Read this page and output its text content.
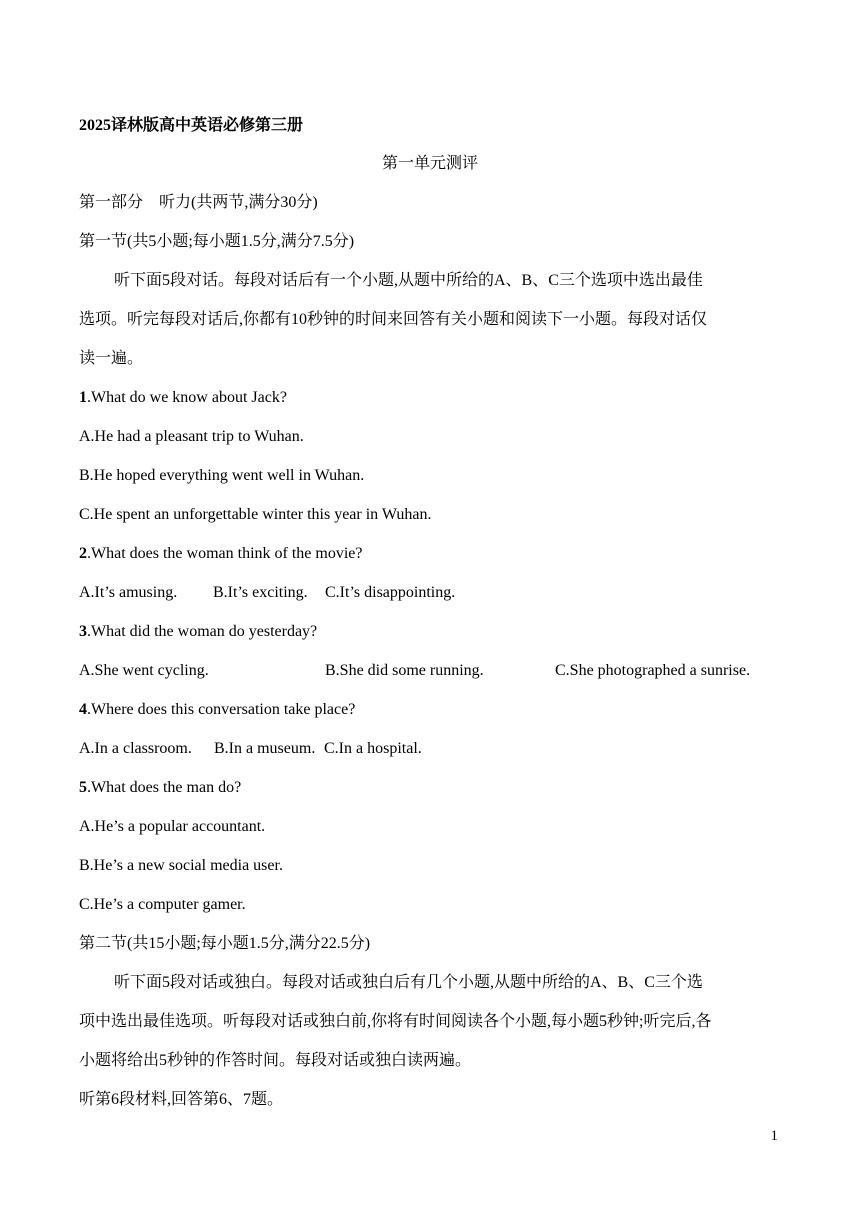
2025译林版高中英语必修第三册
第一单元测评
第一部分　听力(共两节,满分30分)
第一节(共5小题;每小题1.5分,满分7.5分)
听下面5段对话。每段对话后有一个小题,从题中所给的A、B、C三个选项中选出最佳
选项。听完每段对话后,你都有10秒钟的时间来回答有关小题和阅读下一小题。每段对话仅
读一遍。
1.What do we know about Jack?
A.He had a pleasant trip to Wuhan.
B.He hoped everything went well in Wuhan.
C.He spent an unforgettable winter this year in Wuhan.
2.What does the woman think of the movie?
A.It’s amusing. B.It’s exciting. C.It’s disappointing.
3.What did the woman do yesterday?
A.She went cycling.	B.She did some running.	C.She photographed a sunrise.
4.Where does this conversation take place?
A.In a classroom. B.In a museum. C.In a hospital.
5.What does the man do?
A.He’s a popular accountant.
B.He’s a new social media user.
C.He’s a computer gamer.
第二节(共15小题;每小题1.5分,满分22.5分)
听下面5段对话或独白。每段对话或独白后有几个小题,从题中所给的A、B、C三个选
项中选出最佳选项。听每段对话或独白前,你将有时间阅读各个小题,每小题5秒钟;听完后,各
小题将给出5秒钟的作答时间。每段对话或独白读两遍。
听第6段材料,回答第6、7题。
1
